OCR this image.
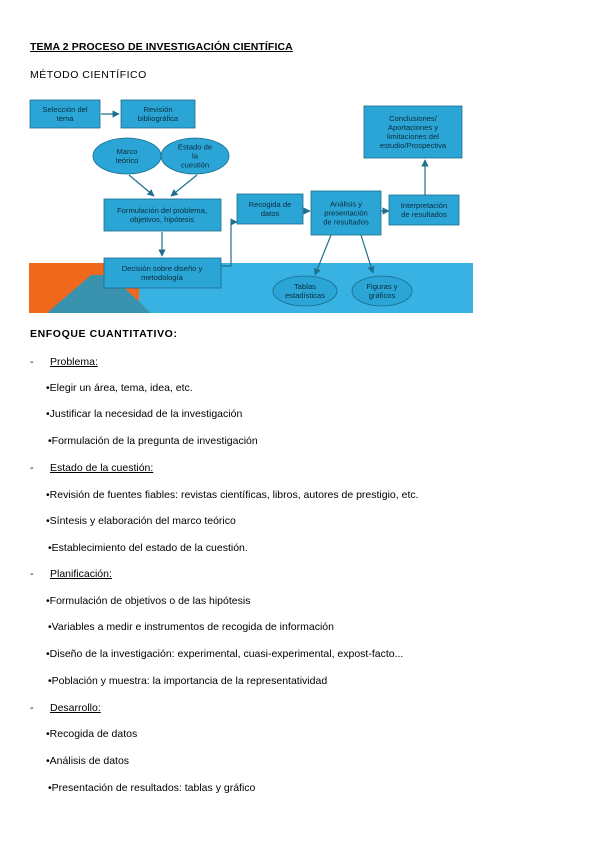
TEMA 2 PROCESO DE INVESTIGACIÓN CIENTÍFICA
MÉTODO CIENTÍFICO
Selección del tema
Revisión bibliográfica
Marco teórico
Estado de la cuestión
Formulación del problema, objetivos, hipótesis
Decisión sobre diseño y metodología
Recogida de datos
Análisis y presentación de resultados
Interpretación de resultados
Conclusiones/ Aportaciones y limitaciones del estudio/Prospectiva
Tablas estadísticas
Figuras y gráficos
ENFOQUE CUANTITATIVO:
- Problema:
•Elegir un área, tema, idea, etc.
•Justificar la necesidad de la investigación
•Formulación de la pregunta de investigación
- Estado de la cuestión:
•Revisión de fuentes fiables: revistas científicas, libros, autores de prestigio, etc.
•Síntesis y elaboración del marco teórico
•Establecimiento del estado de la cuestión.
- Planificación:
•Formulación de objetivos o de las hipótesis
•Variables a medir e instrumentos de recogida de información
•Diseño de la investigación: experimental, cuasi-experimental, expost-facto...
•Población y muestra: la importancia de la representatividad
- Desarrollo:
•Recogida de datos
•Análisis de datos
•Presentación de resultados: tablas y gráfico
